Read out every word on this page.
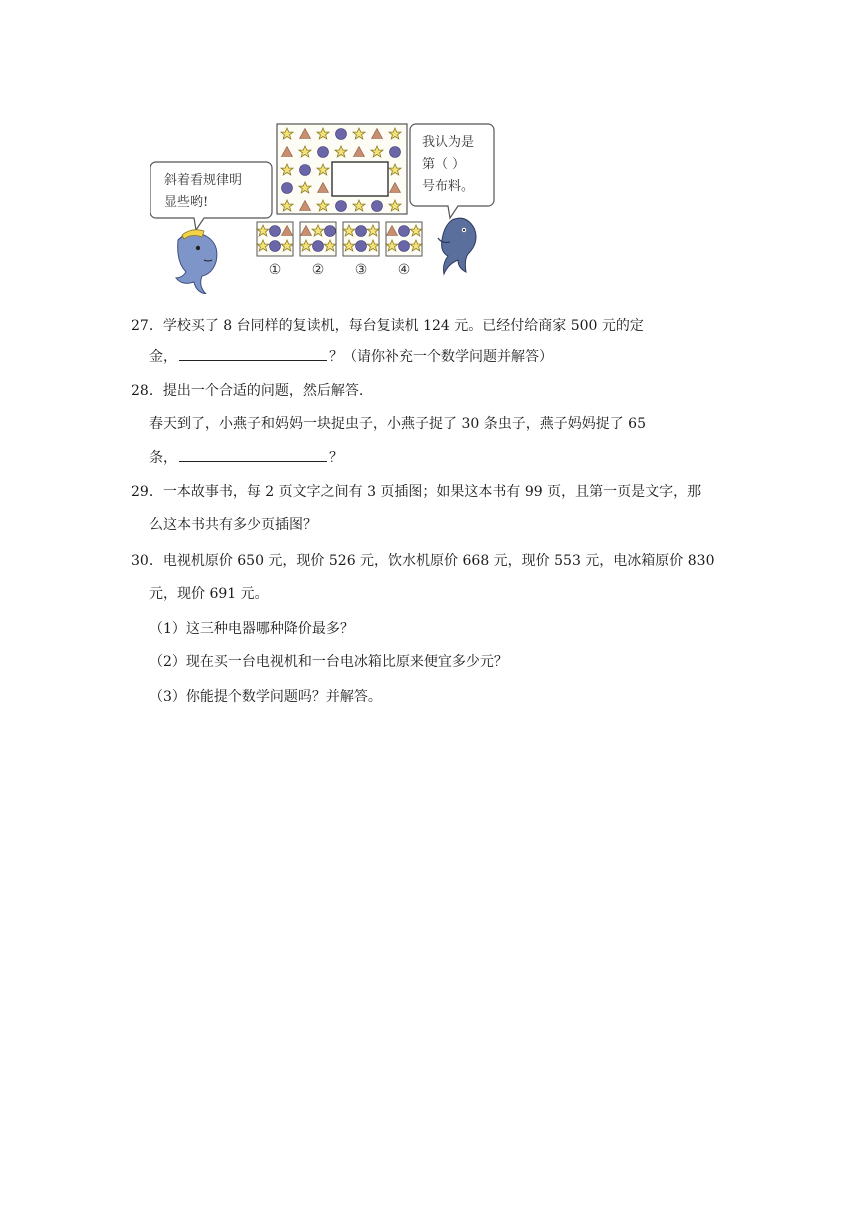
① ② ③ ④
斜着看规律明
显些哟!
我认为是
第（ ）
号布料。
27．学校买了 8 台同样的复读机，每台复读机 124 元。已经付给商家 500 元的定
金，	？（请你补充一个数学问题并解答）
28．提出一个合适的问题，然后解答.
春天到了，小燕子和妈妈一块捉虫子，小燕子捉了 30 条虫子，燕子妈妈捉了 65
条，	？
29．一本故事书，每 2 页文字之间有 3 页插图；如果这本书有 99 页，且第一页是文字，那
么这本书共有多少页插图？
30．电视机原价 650 元，现价 526 元，饮水机原价 668 元，现价 553 元，电冰箱原价 830
元，现价 691 元。
（1）这三种电器哪种降价最多？
（2）现在买一台电视机和一台电冰箱比原来便宜多少元？
（3）你能提个数学问题吗？并解答。
